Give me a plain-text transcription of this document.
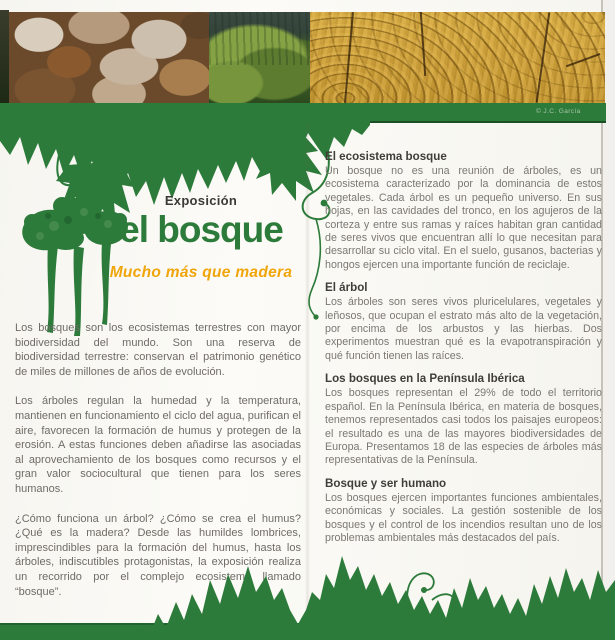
© J.C. García
Exposición
el bosque
Mucho más que madera

Los bosques son los ecosistemas terrestres con mayor biodiversidad del mundo. Son una reserva de biodiversidad terrestre: conservan el patrimonio genético de miles de millones de años de evolución.

Los árboles regulan la humedad y la temperatura, mantienen en funcionamiento el ciclo del agua, purifican el aire, favorecen la formación de humus y protegen de la erosión. A estas funciones deben añadirse las asociadas al aprovechamiento de los bosques como recursos y el gran valor sociocultural que tienen para los seres humanos.

¿Cómo funciona un árbol? ¿Cómo se crea el humus? ¿Qué es la madera? Desde las humildes lombrices, imprescindibles para la formación del humus, hasta los árboles, indiscutibles protagonistas, la exposición realiza un recorrido por el complejo ecosistema llamado “bosque”.

El ecosistema bosque

Un bosque no es una reunión de árboles, es un ecosistema caracterizado por la dominancia de estos vegetales. Cada árbol es un pequeño universo. En sus hojas, en las cavidades del tronco, en los agujeros de la corteza y entre sus ramas y raíces habitan gran cantidad de seres vivos que encuentran allí lo que necesitan para desarrollar su ciclo vital. En el suelo, gusanos, bacterias y hongos ejercen una importante función de reciclaje.

El árbol

Los árboles son seres vivos pluricelulares, vegetales y leñosos, que ocupan el estrato más alto de la vegetación, por encima de los arbustos y las hierbas. Dos experimentos muestran qué es la evapotranspiración y qué función tienen las raíces.

Los bosques en la Península Ibérica

Los bosques representan el 29% de todo el territorio español. En la Península Ibérica, en materia de bosques, tenemos representados casi todos los paisajes europeos: el resultado es una de las mayores biodiversidades de Europa. Presentamos 18 de las especies de árboles más representativas de la Península.

Bosque y ser humano

Los bosques ejercen importantes funciones ambientales, económicas y sociales. La gestión sostenible de los bosques y el control de los incendios resultan uno de los problemas ambientales más destacados del país.
